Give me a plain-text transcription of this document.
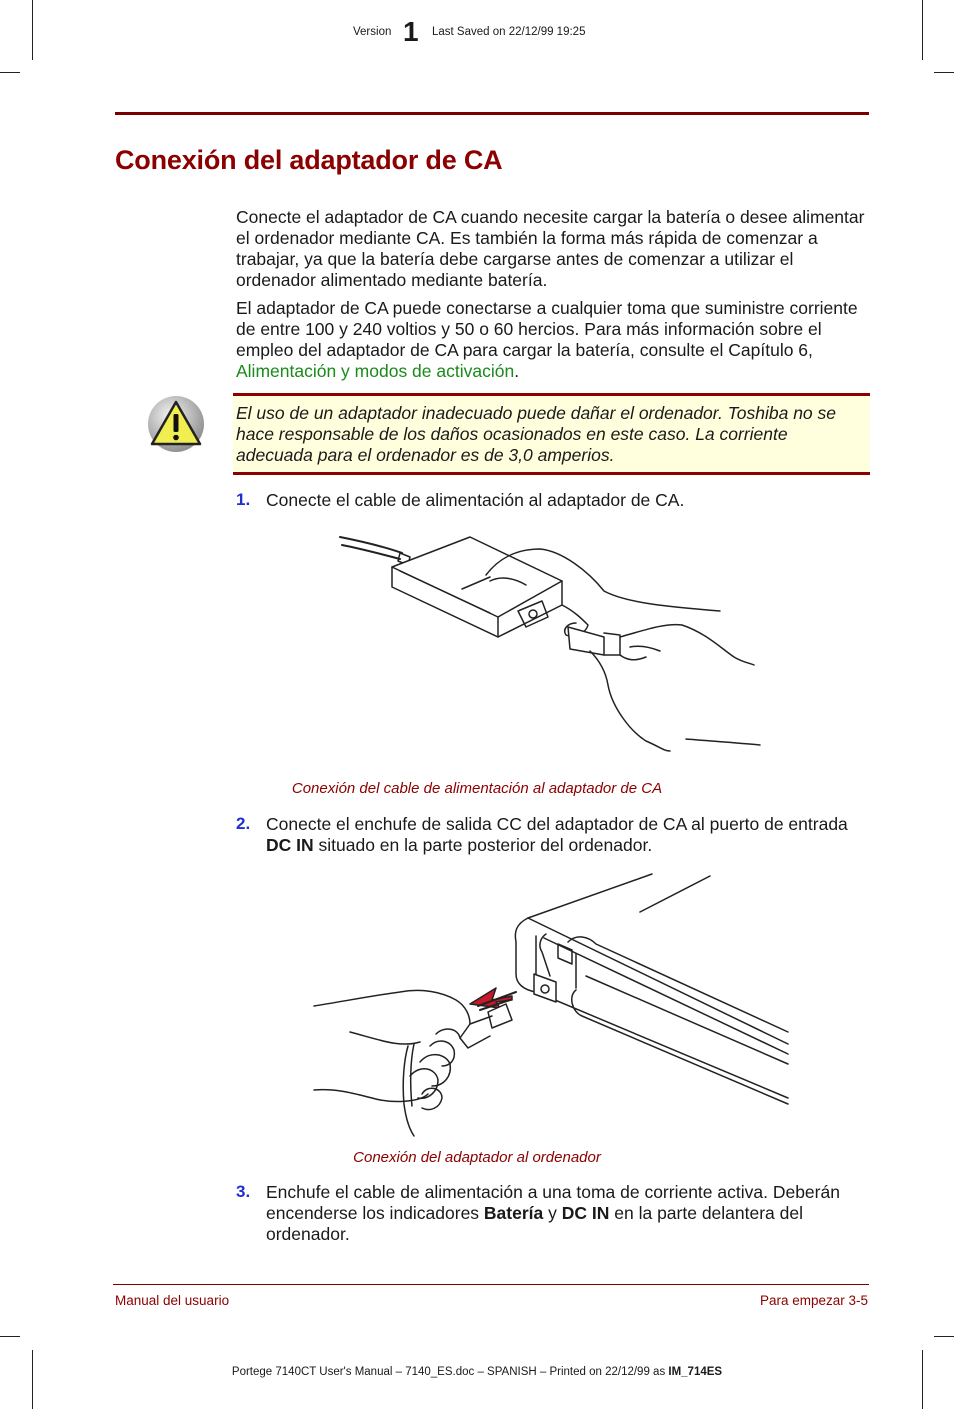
Version 1 Last Saved on 22/12/99 19:25
Conexión del adaptador de CA

Conecte el adaptador de CA cuando necesite cargar la batería o desee alimentar el ordenador mediante CA. Es también la forma más rápida de comenzar a trabajar, ya que la batería debe cargarse antes de comenzar a utilizar el ordenador alimentado mediante batería.

El adaptador de CA puede conectarse a cualquier toma que suministre corriente de entre 100 y 240 voltios y 50 o 60 hercios. Para más información sobre el empleo del adaptador de CA para cargar la batería, consulte el Capítulo 6, Alimentación y modos de activación.

El uso de un adaptador inadecuado puede dañar el ordenador. Toshiba no se hace responsable de los daños ocasionados en este caso. La corriente adecuada para el ordenador es de 3,0 amperios.

1. Conecte el cable de alimentación al adaptador de CA.

Conexión del cable de alimentación al adaptador de CA
2. Conecte el enchufe de salida CC del adaptador de CA al puerto de entrada DC IN situado en la parte posterior del ordenador.

Conexión del adaptador al ordenador
3. Enchufe el cable de alimentación a una toma de corriente activa. Deberán encenderse los indicadores Batería y DC IN en la parte delantera del ordenador.

Manual del usuario	Para empezar 3-5
Portege 7140CT User's Manual – 7140_ES.doc – SPANISH – Printed on 22/12/99 as IM_714ES
